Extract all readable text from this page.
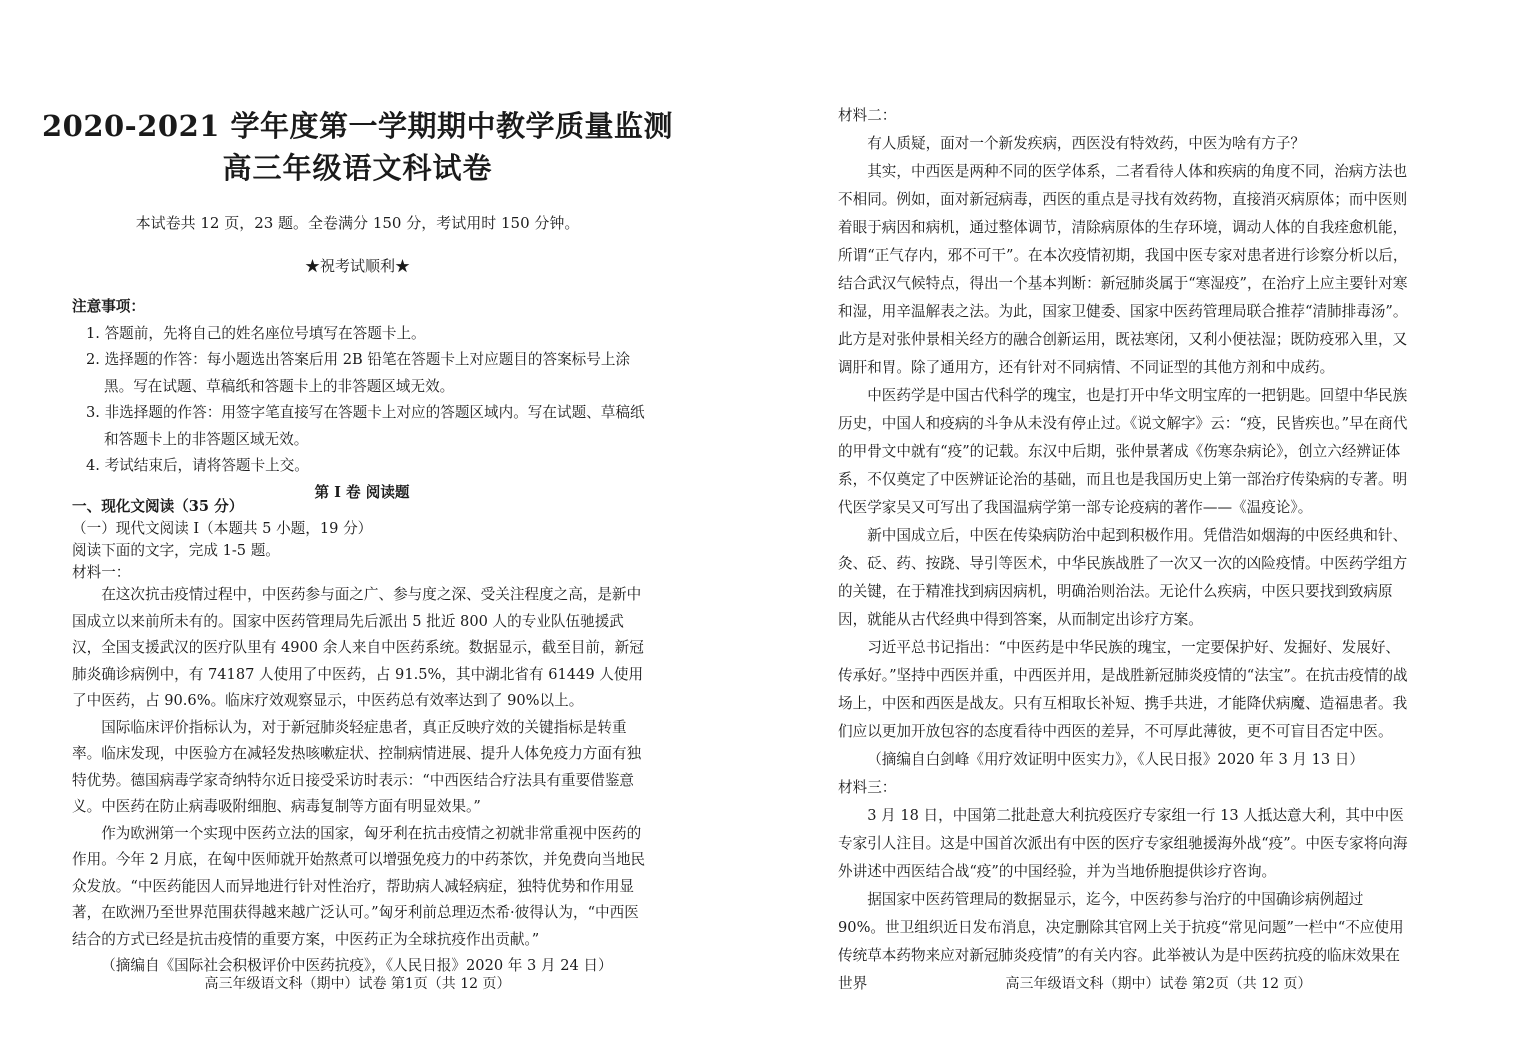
2020-2021 学年度第一学期期中教学质量监测
高三年级语文科试卷
本试卷共 12 页，23 题。全卷满分 150 分，考试用时 150 分钟。
★祝考试顺利★

注意事项：

1. 答题前，先将自己的姓名座位号填写在答题卡上。

2. 选择题的作答：每小题选出答案后用 2B 铅笔在答题卡上对应题目的答案标号上涂黑。写在试题、草稿纸和答题卡上的非答题区域无效。

3. 非选择题的作答：用签字笔直接写在答题卡上对应的答题区域内。写在试题、草稿纸和答题卡上的非答题区域无效。

4. 考试结束后，请将答题卡上交。

第 Ⅰ 卷 阅读题

一、现化文阅读（35 分）

（一）现代文阅读 I（本题共 5 小题，19 分）

阅读下面的文字，完成 1-5 题。

材料一：

在这次抗击疫情过程中，中医药参与面之广、参与度之深、受关注程度之高，是新中国成立以来前所未有的。国家中医药管理局先后派出 5 批近 800 人的专业队伍驰援武汉，全国支援武汉的医疗队里有 4900 余人来自中医药系统。数据显示，截至目前，新冠肺炎确诊病例中，有 74187 人使用了中医药，占 91.5%，其中湖北省有 61449 人使用了中医药，占 90.6%。临床疗效观察显示，中医药总有效率达到了 90%以上。

国际临床评价指标认为，对于新冠肺炎轻症患者，真正反映疗效的关键指标是转重率。临床发现，中医验方在减轻发热咳嗽症状、控制病情进展、提升人体免疫力方面有独特优势。德国病毒学家奇纳特尔近日接受采访时表示：“中西医结合疗法具有重要借鉴意义。中医药在防止病毒吸附细胞、病毒复制等方面有明显效果。”

作为欧洲第一个实现中医药立法的国家，匈牙利在抗击疫情之初就非常重视中医药的作用。今年 2 月底，在匈中医师就开始熬煮可以增强免疫力的中药茶饮，并免费向当地民众发放。“中医药能因人而异地进行针对性治疗，帮助病人减轻病症，独特优势和作用显著，在欧洲乃至世界范围获得越来越广泛认可。”匈牙利前总理迈杰希·彼得认为，“中西医结合的方式已经是抗击疫情的重要方案，中医药正为全球抗疫作出贡献。”

（摘编自《国际社会积极评价中医药抗疫》，《人民日报》2020 年 3 月 24 日）

高三年级语文科（期中）试卷 第1页（共 12 页）

材料二：

有人质疑，面对一个新发疾病，西医没有特效药，中医为啥有方子？

其实，中西医是两种不同的医学体系，二者看待人体和疾病的角度不同，治病方法也不相同。例如，面对新冠病毒，西医的重点是寻找有效药物，直接消灭病原体；而中医则着眼于病因和病机，通过整体调节，清除病原体的生存环境，调动人体的自我痊愈机能，所谓“正气存内，邪不可干”。在本次疫情初期，我国中医专家对患者进行诊察分析以后，结合武汉气候特点，得出一个基本判断：新冠肺炎属于“寒湿疫”，在治疗上应主要针对寒和湿，用辛温解表之法。为此，国家卫健委、国家中医药管理局联合推荐“清肺排毒汤”。此方是对张仲景相关经方的融合创新运用，既祛寒闭，又利小便祛湿；既防疫邪入里，又调肝和胃。除了通用方，还有针对不同病情、不同证型的其他方剂和中成药。

中医药学是中国古代科学的瑰宝，也是打开中华文明宝库的一把钥匙。回望中华民族历史，中国人和疫病的斗争从未没有停止过。《说文解字》云：“疫，民皆疾也。”早在商代的甲骨文中就有“疫”的记载。东汉中后期，张仲景著成《伤寒杂病论》，创立六经辨证体系，不仅奠定了中医辨证论治的基础，而且也是我国历史上第一部治疗传染病的专著。明代医学家吴又可写出了我国温病学第一部专论疫病的著作——《温疫论》。

新中国成立后，中医在传染病防治中起到积极作用。凭借浩如烟海的中医经典和针、灸、砭、药、按跷、导引等医术，中华民族战胜了一次又一次的凶险疫情。中医药学组方的关键，在于精准找到病因病机，明确治则治法。无论什么疾病，中医只要找到致病原因，就能从古代经典中得到答案，从而制定出诊疗方案。

习近平总书记指出：“中医药是中华民族的瑰宝，一定要保护好、发掘好、发展好、传承好。”坚持中西医并重，中西医并用，是战胜新冠肺炎疫情的“法宝”。在抗击疫情的战场上，中医和西医是战友。只有互相取长补短、携手共进，才能降伏病魔、造福患者。我们应以更加开放包容的态度看待中西医的差异，不可厚此薄彼，更不可盲目否定中医。

（摘编自白剑峰《用疗效证明中医实力》，《人民日报》2020 年 3 月 13 日）

材料三：

3 月 18 日，中国第二批赴意大利抗疫医疗专家组一行 13 人抵达意大利，其中中医专家引人注目。这是中国首次派出有中医的医疗专家组驰援海外战“疫”。中医专家将向海外讲述中西医结合战“疫”的中国经验，并为当地侨胞提供诊疗咨询。

据国家中医药管理局的数据显示，迄今，中医药参与治疗的中国确诊病例超过 90%。世卫组织近日发布消息，决定删除其官网上关于抗疫“常见问题”一栏中“不应使用传统草本药物来应对新冠肺炎疫情”的有关内容。此举被认为是中医药抗疫的临床效果在世界	高三年级语文科（期中）试卷 第2页（共 12 页）
